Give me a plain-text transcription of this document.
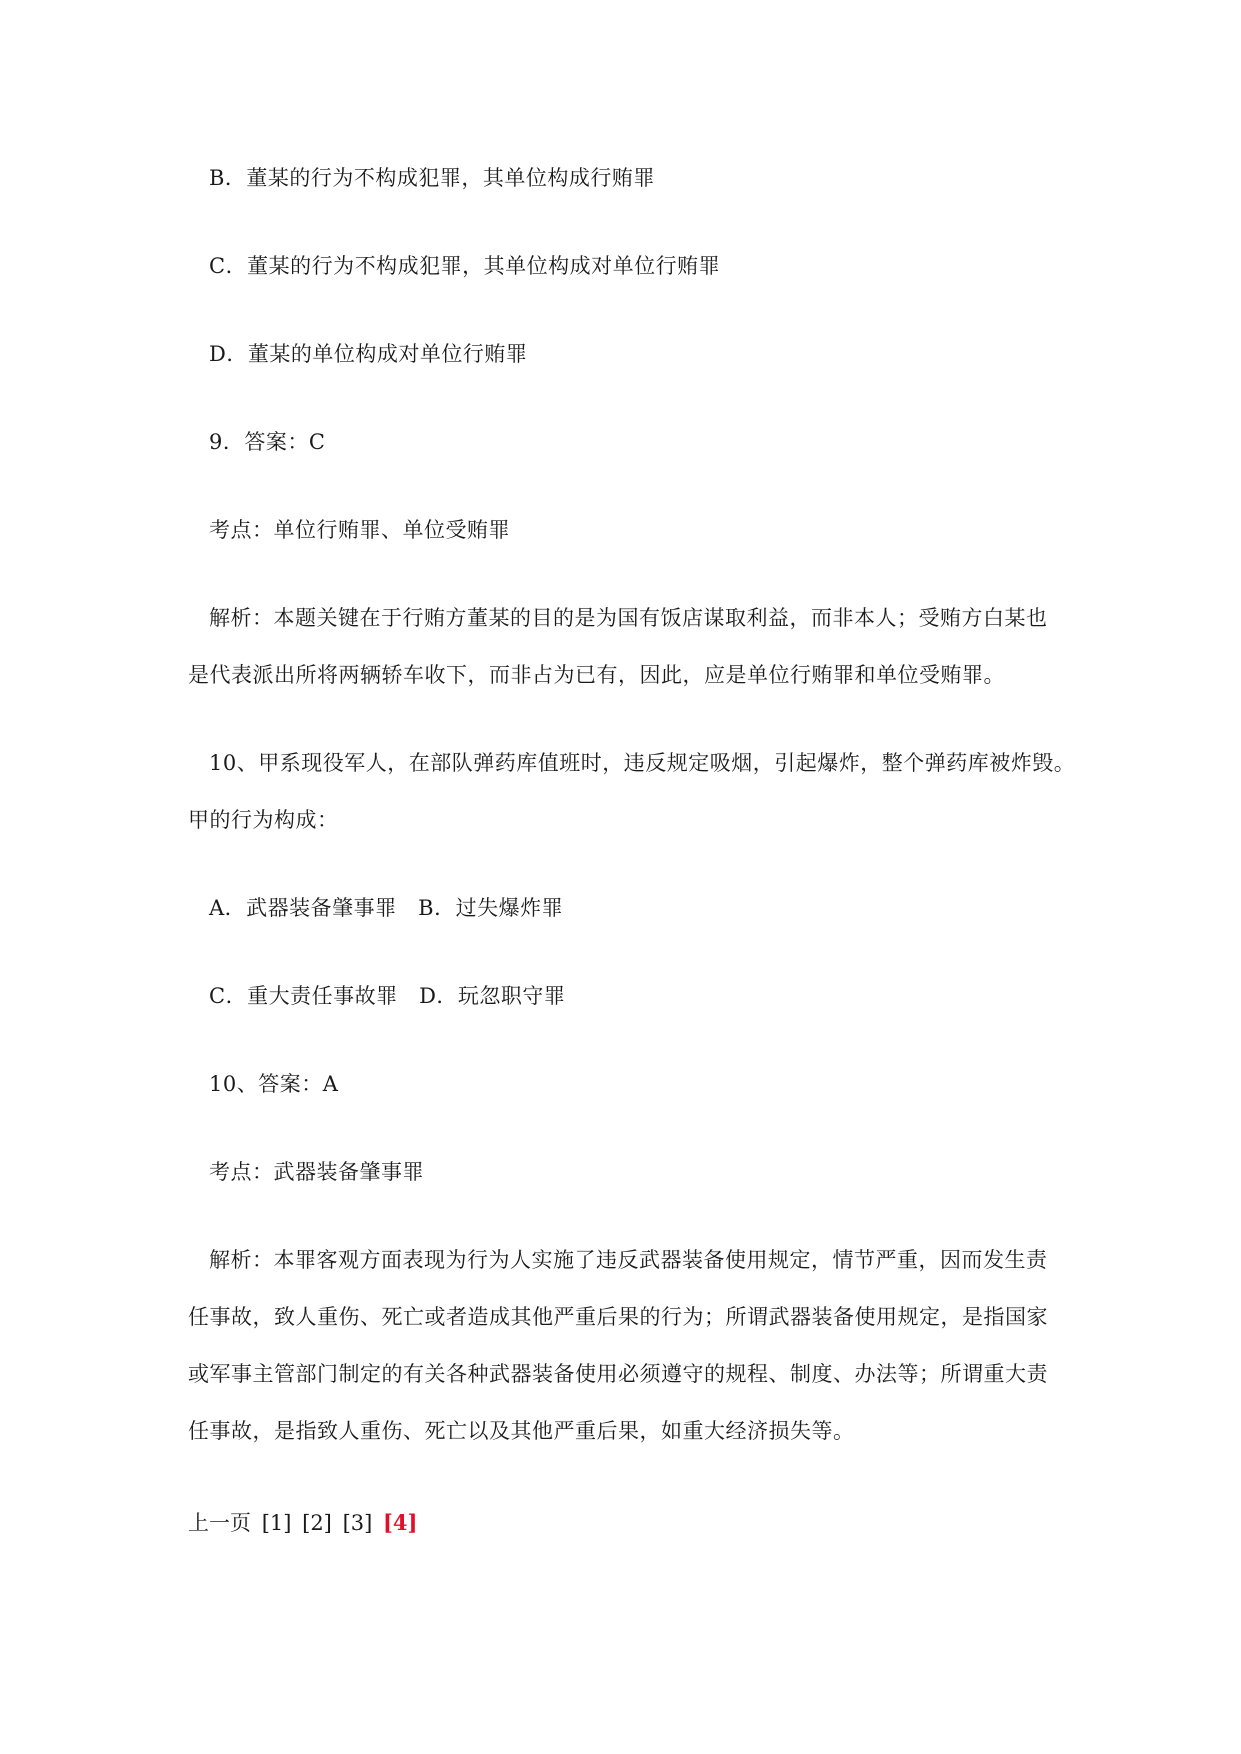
B．董某的行为不构成犯罪，其单位构成行贿罪
C．董某的行为不构成犯罪，其单位构成对单位行贿罪
D．董某的单位构成对单位行贿罪
9．答案：C
考点：单位行贿罪、单位受贿罪
解析：本题关键在于行贿方董某的目的是为国有饭店谋取利益，而非本人；受贿方白某也
是代表派出所将两辆轿车收下，而非占为已有，因此，应是单位行贿罪和单位受贿罪。
10、甲系现役军人，在部队弹药库值班时，违反规定吸烟，引起爆炸，整个弹药库被炸毁。
甲的行为构成：
A．武器装备肇事罪　B．过失爆炸罪
C．重大责任事故罪　D．玩忽职守罪
10、答案：A
考点：武器装备肇事罪
解析：本罪客观方面表现为行为人实施了违反武器装备使用规定，情节严重，因而发生责
任事故，致人重伤、死亡或者造成其他严重后果的行为；所谓武器装备使用规定，是指国家
或军事主管部门制定的有关各种武器装备使用必须遵守的规程、制度、办法等；所谓重大责
任事故，是指致人重伤、死亡以及其他严重后果，如重大经济损失等。
上一页 [1] [2] [3] [4]
